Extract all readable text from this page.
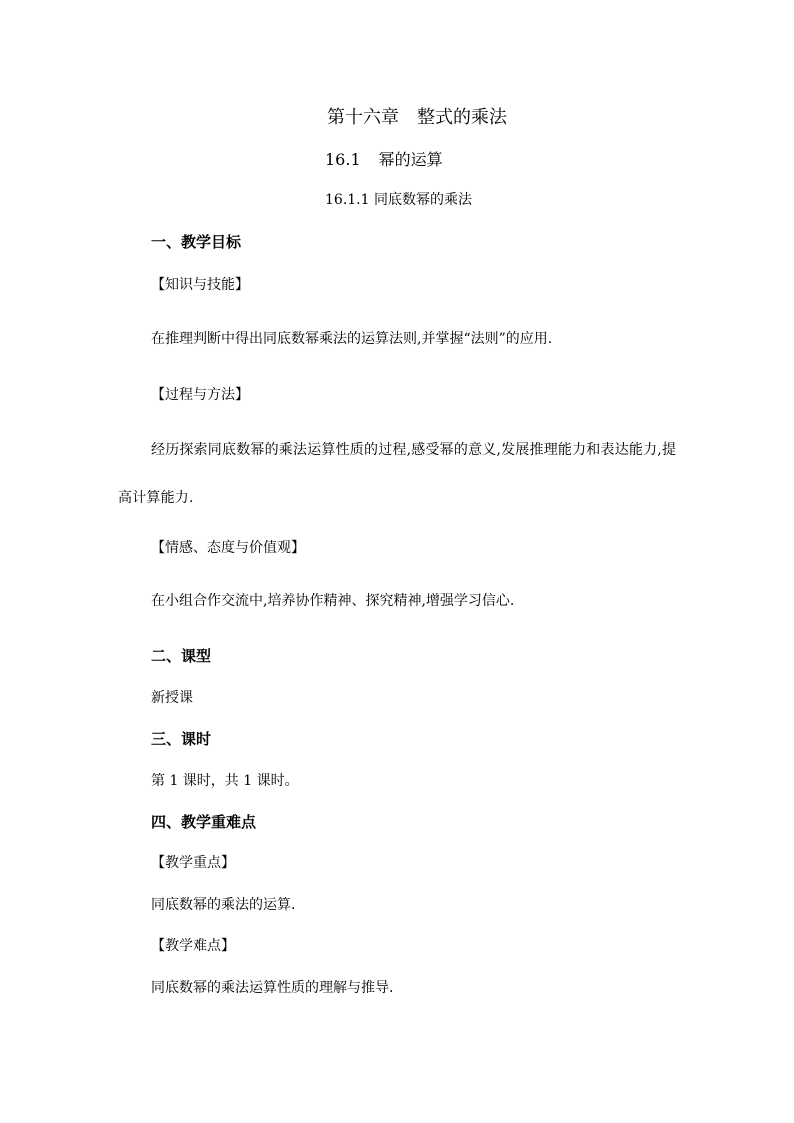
第十六章 整式的乘法
16.1 幂的运算
16.1.1 同底数幂的乘法
一、教学目标
【知识与技能】
在推理判断中得出同底数幂乘法的运算法则,并掌握“法则”的应用.
【过程与方法】
经历探索同底数幂的乘法运算性质的过程,感受幂的意义,发展推理能力和表达能力,提高计算能力.
【情感、态度与价值观】
在小组合作交流中,培养协作精神、探究精神,增强学习信心.
二、课型
新授课
三、课时
第 1 课时，共 1 课时。
四、教学重难点
【教学重点】
同底数幂的乘法的运算.
【教学难点】
同底数幂的乘法运算性质的理解与推导.
